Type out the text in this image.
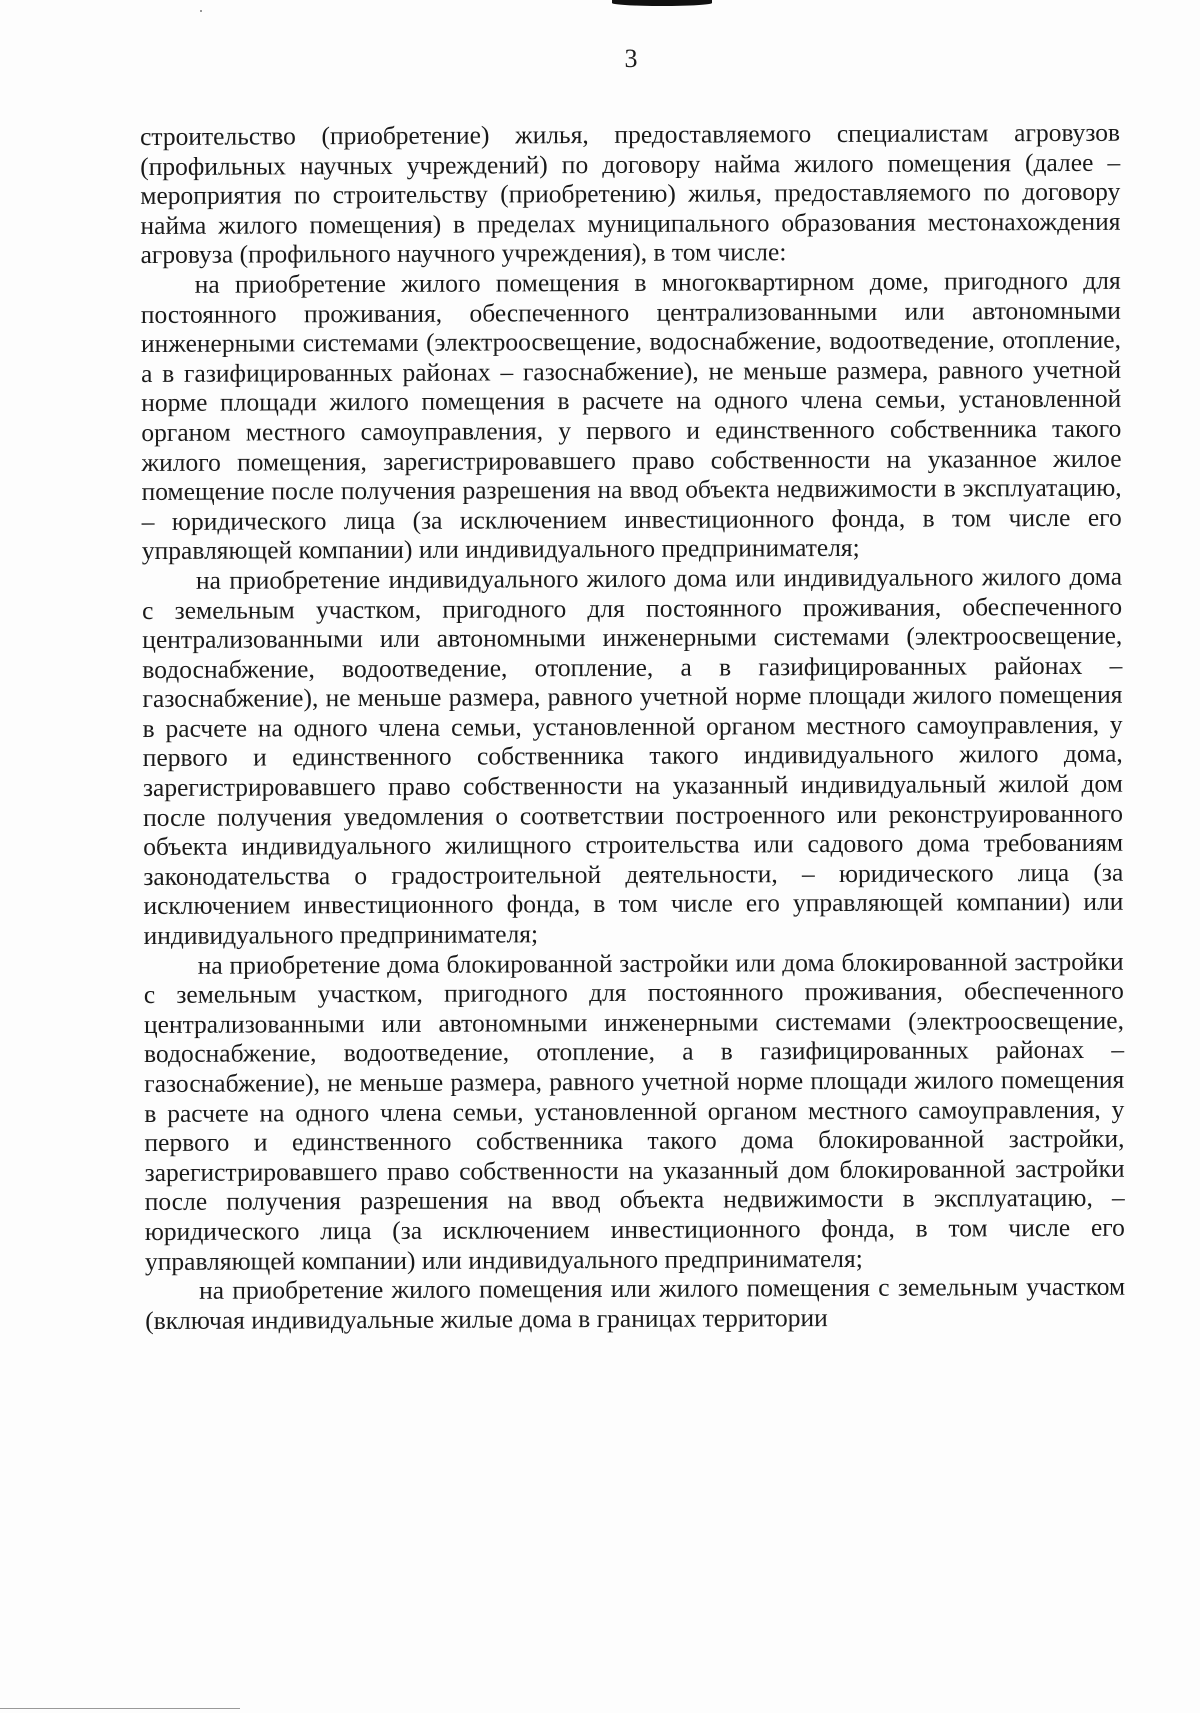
3

строительство (приобретение) жилья, предоставляемого специалистам агровузов (профильных научных учреждений) по договору найма жилого помещения (далее – мероприятия по строительству (приобретению) жилья, предоставляемого по договору найма жилого помещения) в пределах муниципального образования местонахождения агровуза (профильного научного учреждения), в том числе:

на приобретение жилого помещения в многоквартирном доме, пригодного для постоянного проживания, обеспеченного централизованными или автономными инженерными системами (электроосвещение, водоснабжение, водоотведение, отопление, а в газифицированных районах – газоснабжение), не меньше размера, равного учетной норме площади жилого помещения в расчете на одного члена семьи, установленной органом местного самоуправления, у первого и единственного собственника такого жилого помещения, зарегистрировавшего право собственности на указанное жилое помещение после получения разрешения на ввод объекта недвижимости в эксплуатацию, – юридического лица (за исключением инвестиционного фонда, в том числе его управляющей компании) или индивидуального предпринимателя;

на приобретение индивидуального жилого дома или индивидуального жилого дома с земельным участком, пригодного для постоянного проживания, обеспеченного централизованными или автономными инженерными системами (электроосвещение, водоснабжение, водоотведение, отопление, а в газифицированных районах – газоснабжение), не меньше размера, равного учетной норме площади жилого помещения в расчете на одного члена семьи, установленной органом местного самоуправления, у первого и единственного собственника такого индивидуального жилого дома, зарегистрировавшего право собственности на указанный индивидуальный жилой дом после получения уведомления о соответствии построенного или реконструированного объекта индивидуального жилищного строительства или садового дома требованиям законодательства о градостроительной деятельности, – юридического лица (за исключением инвестиционного фонда, в том числе его управляющей компании) или индивидуального предпринимателя;

на приобретение дома блокированной застройки или дома блокированной застройки с земельным участком, пригодного для постоянного проживания, обеспеченного централизованными или автономными инженерными системами (электроосвещение, водоснабжение, водоотведение, отопление, а в газифицированных районах – газоснабжение), не меньше размера, равного учетной норме площади жилого помещения в расчете на одного члена семьи, установленной органом местного самоуправления, у первого и единственного собственника такого дома блокированной застройки, зарегистрировавшего право собственности на указанный дом блокированной застройки после получения разрешения на ввод объекта недвижимости в эксплуатацию, – юридического лица (за исключением инвестиционного фонда, в том числе его управляющей компании) или индивидуального предпринимателя;

на приобретение жилого помещения или жилого помещения с земельным участком (включая индивидуальные жилые дома в границах территории
